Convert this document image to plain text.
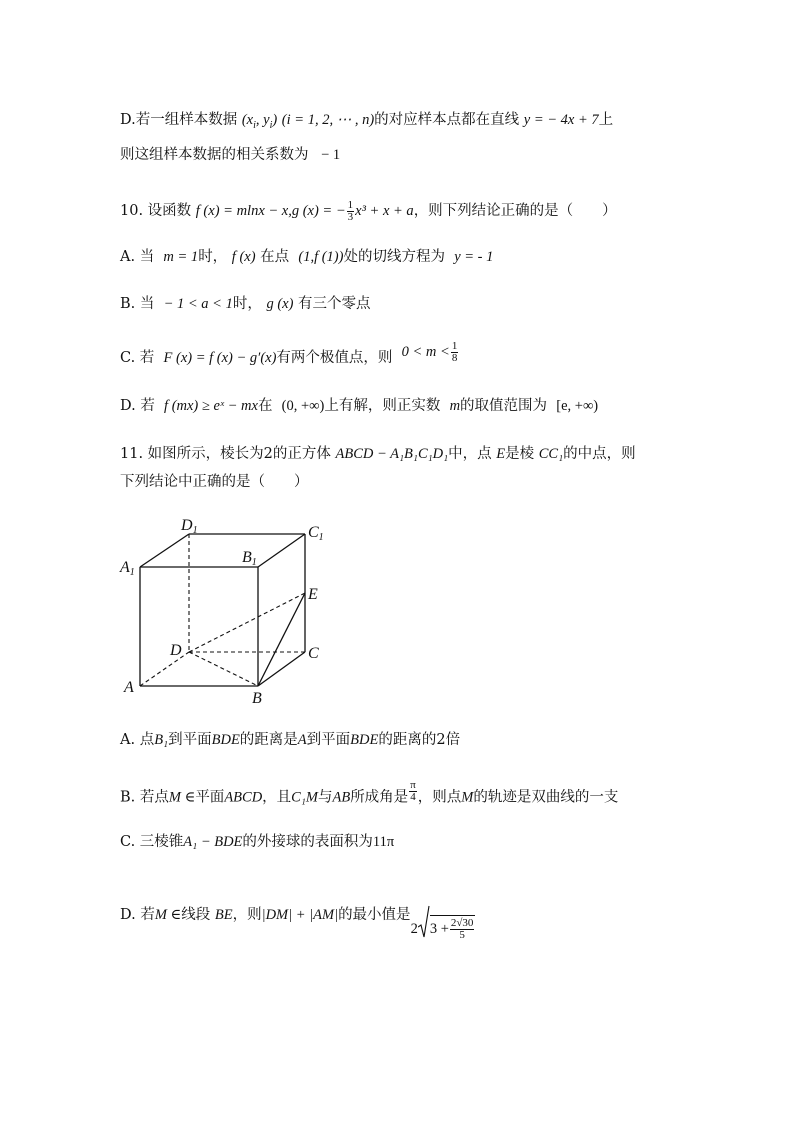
D.若一组样本数据 ($x_i$, $y_i$) (i = 1, 2, ⋯ , n)的对应样本点都在直线 y = − 4x + 7上
则这组样本数据的相关系数为 − 1
10. 设函数 f (x) = mlnx − x,g (x) = − $\frac{1}{3} x^3 + x + a$，则下列结论正确的是（　　）
A. 当 m = 1时， f (x) 在点 (1,f (1))处的切线方程为 y = - 1
B. 当 − 1 < a < 1时， g (x) 有三个零点
C. 若 F (x) = f (x) − g′(x)有两个极值点，则 $0 < m < \frac{1}{8}$
D. 若 f (mx) ≥ eˣ − mx在 (0, +∞)上有解，则正实数 m的取值范围为 [e, +∞)
11. 如图所示，棱长为2的正方体 ABCD − A₁B₁C₁D₁中，点 E是棱 CC₁的中点，则
下列结论中正确的是（　　）
D1	C1
A1
B1
E
D	C
A
B
A. 点B₁到平面BDE的距离是A到平面BDE的距离的2倍
B. 若点M ∈平面ABCD，且C₁M与AB所成角是 $\frac{\pi}{4}$ ，则点M的轨迹是双曲线的一支
C. 三棱锥A₁ − BDE的外接球的表面积为11π
D. 若M ∈线段 BE，则|DM| + |AM|的最小值是2 $3 + \frac{2√30}{5}$
